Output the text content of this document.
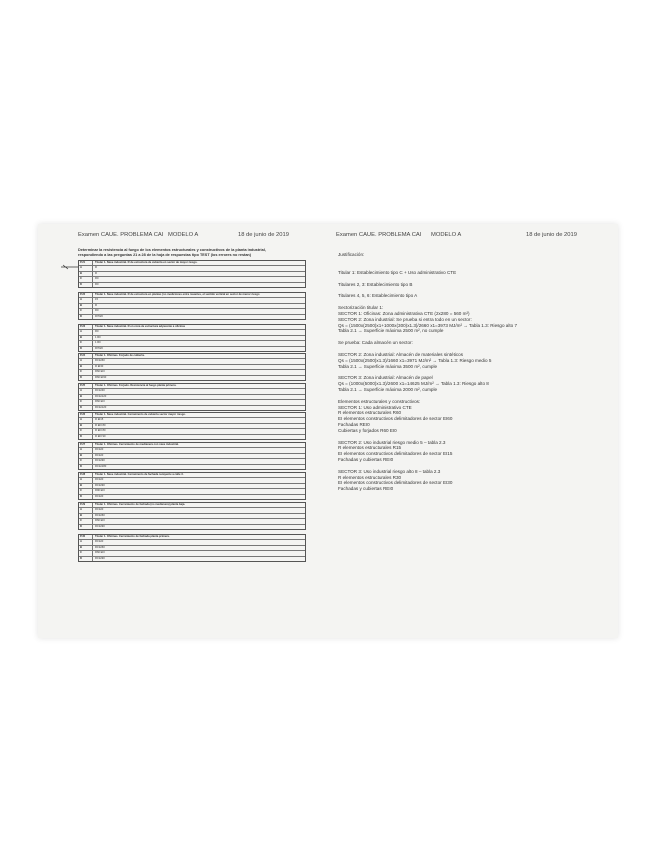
Examen CAUE. PROBLEMA CAI MODELO A	18 de junio de 2019
Determinar la resistencia al fuego de los elementos estructurales y constructivos de la planta industrial,
respondiendo a las preguntas 21 a 28 de la hoja de respuestas tipo TEST (los errores no restan)
P.21	Titular 1. Nave industrial. R de estructura de cubierta en sector de mayor riesgo.
A	R
B	R
C	R0
D	R0
P.22	Titular 1. Nave industrial. R de estructura en plantas (no mediciones entre rasantes, el sentido vertical en sector de menor riesgo
A	15
B	R
C	R0
D	R7020
P.23	Titular 1. Nave industrial. R en zona de estructura adyacente a oficinas
A	R0
B	1 R0
C	1 R0
D	R7020
P.24	Titular 1. Oficinas. Forjado de cubierta.
A	R0 EI60
B	R EI30
C	R60 EI0
D	R60 EI90
P.25	Titular 1. Oficinas. Forjado. Resistencia al fuego planta primera.
A	R0 EI30
B	R0 EI120
C	R60 EI0
D	R0 EI120
P.26	Titular 1. Nave industrial. Cerramiento de cubierta sector mayor riesgo.
A	R EI15
B	R EI0 80
C	R EI0 80
D	R EI0 90
P.27	Titular 1. Oficinas. Cerramiento de medianera con nave industrial.
A	R0 EI0
B	R0 EI0
C	R0 EI90
D	R0 EI180
P.28	Titular 1. Nave industrial. Cerramiento de fachada recayente a calle 3.
A	R0 EI0
B	R0 EI90
C	R90 EI0
D	R0 EI0
P.29	Titular 1. Oficinas. Cerramiento de fachada (no medianera) planta baja.
A	R0 EI0
B	R0 EI60
C	R60 EI0
D	R0 EI90
P.30	Titular 1. Oficinas. Cerramiento de fachada planta primera.
A	R0 EI0
B	R0 EI60
C	R60 EI0
D	R0 EI90
Examen CAUE. PROBLEMA CAI MODELO A	18 de junio de 2019
Justificación:
Titular 1: Establecimiento tipo C + Uso administrativo CTE
Titulares 2, 3: Establecimiento tipo B
Titulares 4, 5, 6: Establecimiento tipo A
Sectorización titular 1:
SECTOR 1: Oficinas: Zona administrativa CTE (2x280 = 560 m²)
SECTOR 2: Zona industrial: Se prueba si entra todo en un sector:
Qs = (1500x(2500)x1+1000x(300)x1.3)/2660 x1=3973 MJ/m² → Tabla 1.3: Riesgo alto 7
Tabla 2.1 → Superficie máxima 2500 m², no cumple
Se prueba: Cada almacén un sector:
SECTOR 2: Zona industrial: Almacén de materiales sintéticos
Qs = (1500x(2500)x1.3)/1660 x1=3971 MJ/m² → Tabla 1.3: Riesgo medio 5
Tabla 2.1 → Superficie máxima 3500 m², cumple
SECTOR 3: Zona industrial: Almacén de papel
Qs = (1000x(5000)x1.3)/2600 x1=14625 MJ/m² → Tabla 1.3: Riesgo alto 8
Tabla 2.1 → Superficie máxima 2000 m², cumple
Elementos estructurales y constructivos:
SECTOR 1: Uso administrativo CTE
R elementos estructurales R60
EI elementos constructivos delimitadores de sector EI60
Fachadas REI0
Cubiertas y forjados R60 EI0
SECTOR 2: Uso industrial riesgo medio 5 – tabla 2.3
R elementos estructurales R15
EI elementos constructivos delimitadores de sector EI15
Fachadas y cubiertas REI0
SECTOR 3: Uso industrial riesgo alto 8 – tabla 2.3
R elementos estructurales R30
EI elementos constructivos delimitadores de sector EI30
Fachadas y cubiertas REI0
